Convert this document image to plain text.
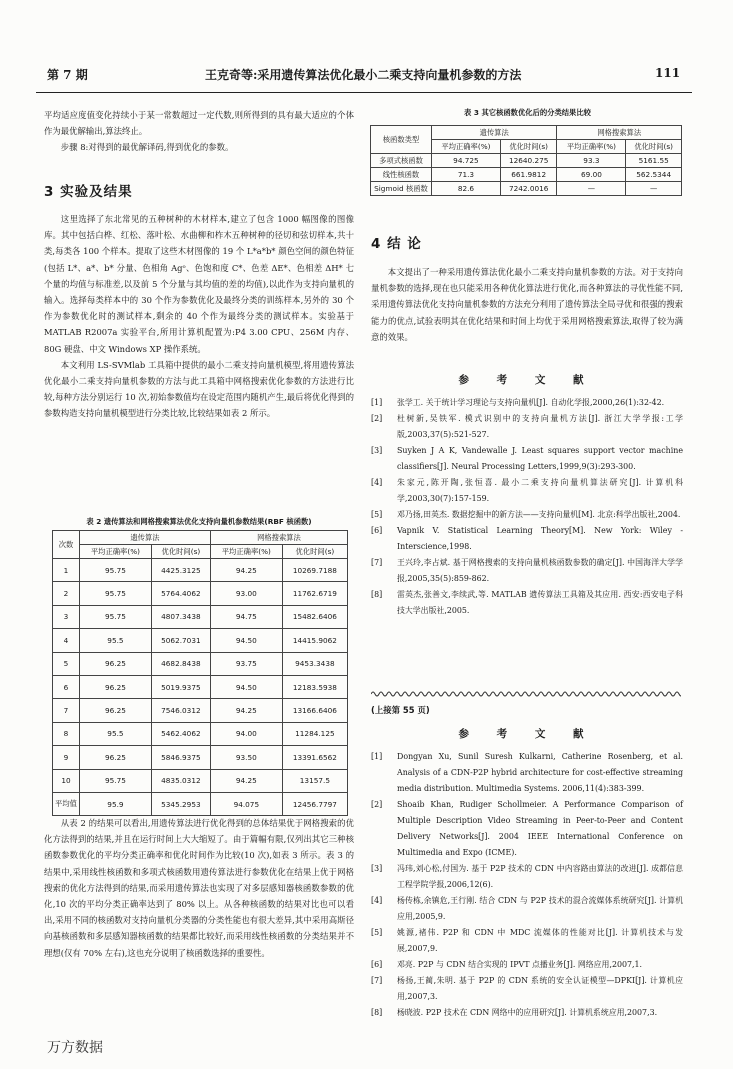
第 7 期	王克奇等:采用遗传算法优化最小二乘支持向量机参数的方法	111

平均适应度值变化持续小于某一常数超过一定代数,则所得到的具有最大适应的个体作为最优解输出,算法终止。

步骤 8:对得到的最优解译码,得到优化的参数。

3 实验及结果

这里选择了东北常见的五种树种的木材样本,建立了包含 1000 幅图像的图像库。其中包括白桦、红松、落叶松、水曲柳和柞木五种树种的径切和弦切样本,共十类,每类各 100 个样本。提取了这些木材图像的 19 个 L*a*b* 颜色空间的颜色特征(包括 L*、a*、b* 分量、色相角 Agᵒ、色饱和度 C*、色差 ΔE*、色相差 ΔH* 七个量的均值与标准差,以及前 5 个分量与其均值的差的均值),以此作为支持向量机的输入。选择每类样本中的 30 个作为参数优化及最终分类的训练样本,另外的 30 个作为参数优化时的测试样本,剩余的 40 个作为最终分类的测试样本。实验基于 MATLAB R2007a 实验平台,所用计算机配置为:P4 3.00 CPU、256M 内存、80G 硬盘、中文 Windows XP 操作系统。

本文利用 LS-SVMlab 工具箱中提供的最小二乘支持向量机模型,将用遗传算法优化最小二乘支持向量机参数的方法与此工具箱中网格搜索优化参数的方法进行比较,每种方法分别运行 10 次,初始参数值均在设定范围内随机产生,最后将优化得到的参数构造支持向量机模型进行分类比较,比较结果如表 2 所示。

表 2 遗传算法和网格搜索算法优化支持向量机参数结果(RBF 核函数)
次数	遗传算法		网格搜索算法	
	平均正确率(%)	优化时间(s)	平均正确率(%)	优化时间(s)
1	95.75	4425.3125	94.25	10269.7188
2	95.75	5764.4062	93.00	11762.6719
3	95.75	4807.3438	94.75	15482.6406
4	95.5	5062.7031	94.50	14415.9062
5	96.25	4682.8438	93.75	9453.3438
6	96.25	5019.9375	94.50	12183.5938
7	96.25	7546.0312	94.25	13166.6406
8	95.5	5462.4062	94.00	11284.125
9	96.25	5846.9375	93.50	13391.6562
10	95.75	4835.0312	94.25	13157.5
平均值	95.9	5345.2953	94.075	12456.7797

从表 2 的结果可以看出,用遗传算法进行优化得到的总体结果优于网格搜索的优化方法得到的结果,并且在运行时间上大大缩短了。由于篇幅有限,仅列出其它三种核函数参数优化的平均分类正确率和优化时间作为比较(10 次),如表 3 所示。表 3 的结果中,采用线性核函数和多项式核函数用遗传算法进行参数优化在结果上优于网格搜索的优化方法得到的结果,而采用遗传算法也实现了对多层感知器核函数参数的优化,10 次的平均分类正确率达到了 80% 以上。从各种核函数的结果对比也可以看出,采用不同的核函数对支持向量机分类器的分类性能也有很大差异,其中采用高斯径向基核函数和多层感知器核函数的结果都比较好,而采用线性核函数的分类结果并不理想(仅有 70% 左右),这也充分说明了核函数选择的重要性。

表 3 其它核函数优化后的分类结果比较
核函数类型	遗传算法		网格搜索算法	
	平均正确率(%)	优化时间(s)	平均正确率(%)	优化时间(s)
多项式核函数	94.725	12640.275	93.3	5161.55
线性核函数	71.3	661.9812	69.00	562.5344
Sigmoid 核函数	82.6	7242.0016	—	—
4 结 论

本文提出了一种采用遗传算法优化最小二乘支持向量机参数的方法。对于支持向量机参数的选择,现在也只能采用各种优化算法进行优化,而各种算法的寻优性能不同,采用遗传算法优化支持向量机参数的方法充分利用了遗传算法全局寻优和很强的搜索能力的优点,试验表明其在优化结果和时间上均优于采用网格搜索算法,取得了较为满意的效果。

参 考 文 献

[1] 张学工. 关于统计学习理论与支持向量机[J]. 自动化学报,2000,26(1):32-42.

[2] 杜树新,吴铁军. 模式识别中的支持向量机方法[J]. 浙江大学学报:工学版,2003,37(5):521-527.

[3] Suyken J A K, Vandewalle J. Least squares support vector machine classifiers[J]. Neural Processing Letters,1999,9(3):293-300.

[4] 朱家元,陈开陶,张恒喜. 最小二乘支持向量机算法研究[J]. 计算机科学,2003,30(7):157-159.

[5] 邓乃扬,田英杰. 数据挖掘中的新方法——支持向量机[M]. 北京:科学出版社,2004.

[6] Vapnik V. Statistical Learning Theory[M]. New York: Wiley - Interscience,1998.

[7] 王兴玲,李占斌. 基于网格搜索的支持向量机核函数参数的确定[J]. 中国海洋大学学报,2005,35(5):859-862.

[8] 雷英杰,张善文,李续武,等. MATLAB 遗传算法工具箱及其应用. 西安:西安电子科技大学出版社,2005.

(上接第 55 页)
参 考 文 献

[1] Dongyan Xu, Sunil Suresh Kulkarni, Catherine Rosenberg, et al. Analysis of a CDN-P2P hybrid architecture for cost-effective streaming media distribution. Multimedia Systems. 2006,11(4):383-399.

[2] Shoaib Khan, Rudiger Schollmeier. A Performance Comparison of Multiple Description Video Streaming in Peer-to-Peer and Content Delivery Networks[J]. 2004 IEEE International Conference on Multimedia and Expo (ICME).

[3] 冯玮,刘心松,付国为. 基于 P2P 技术的 CDN 中内容路由算法的改进[J]. 成都信息工程学院学报,2006,12(6).

[4] 杨传栋,余镇危,王行刚. 结合 CDN 与 P2P 技术的混合流媒体系统研究[J]. 计算机应用,2005,9.

[5] 姚源,褚伟. P2P 和 CDN 中 MDC 流媒体的性能对比[J]. 计算机技术与发展,2007,9.

[6] 邓亮. P2P 与 CDN 结合实现的 IPVT 点播业务[J]. 网络应用,2007,1.

[7] 杨扬,王蔺,朱明. 基于 P2P 的 CDN 系统的安全认证模型—DPKI[J]. 计算机应用,2007,3.

[8] 杨晓波. P2P 技术在 CDN 网络中的应用研究[J]. 计算机系统应用,2007,3.

万方数据
